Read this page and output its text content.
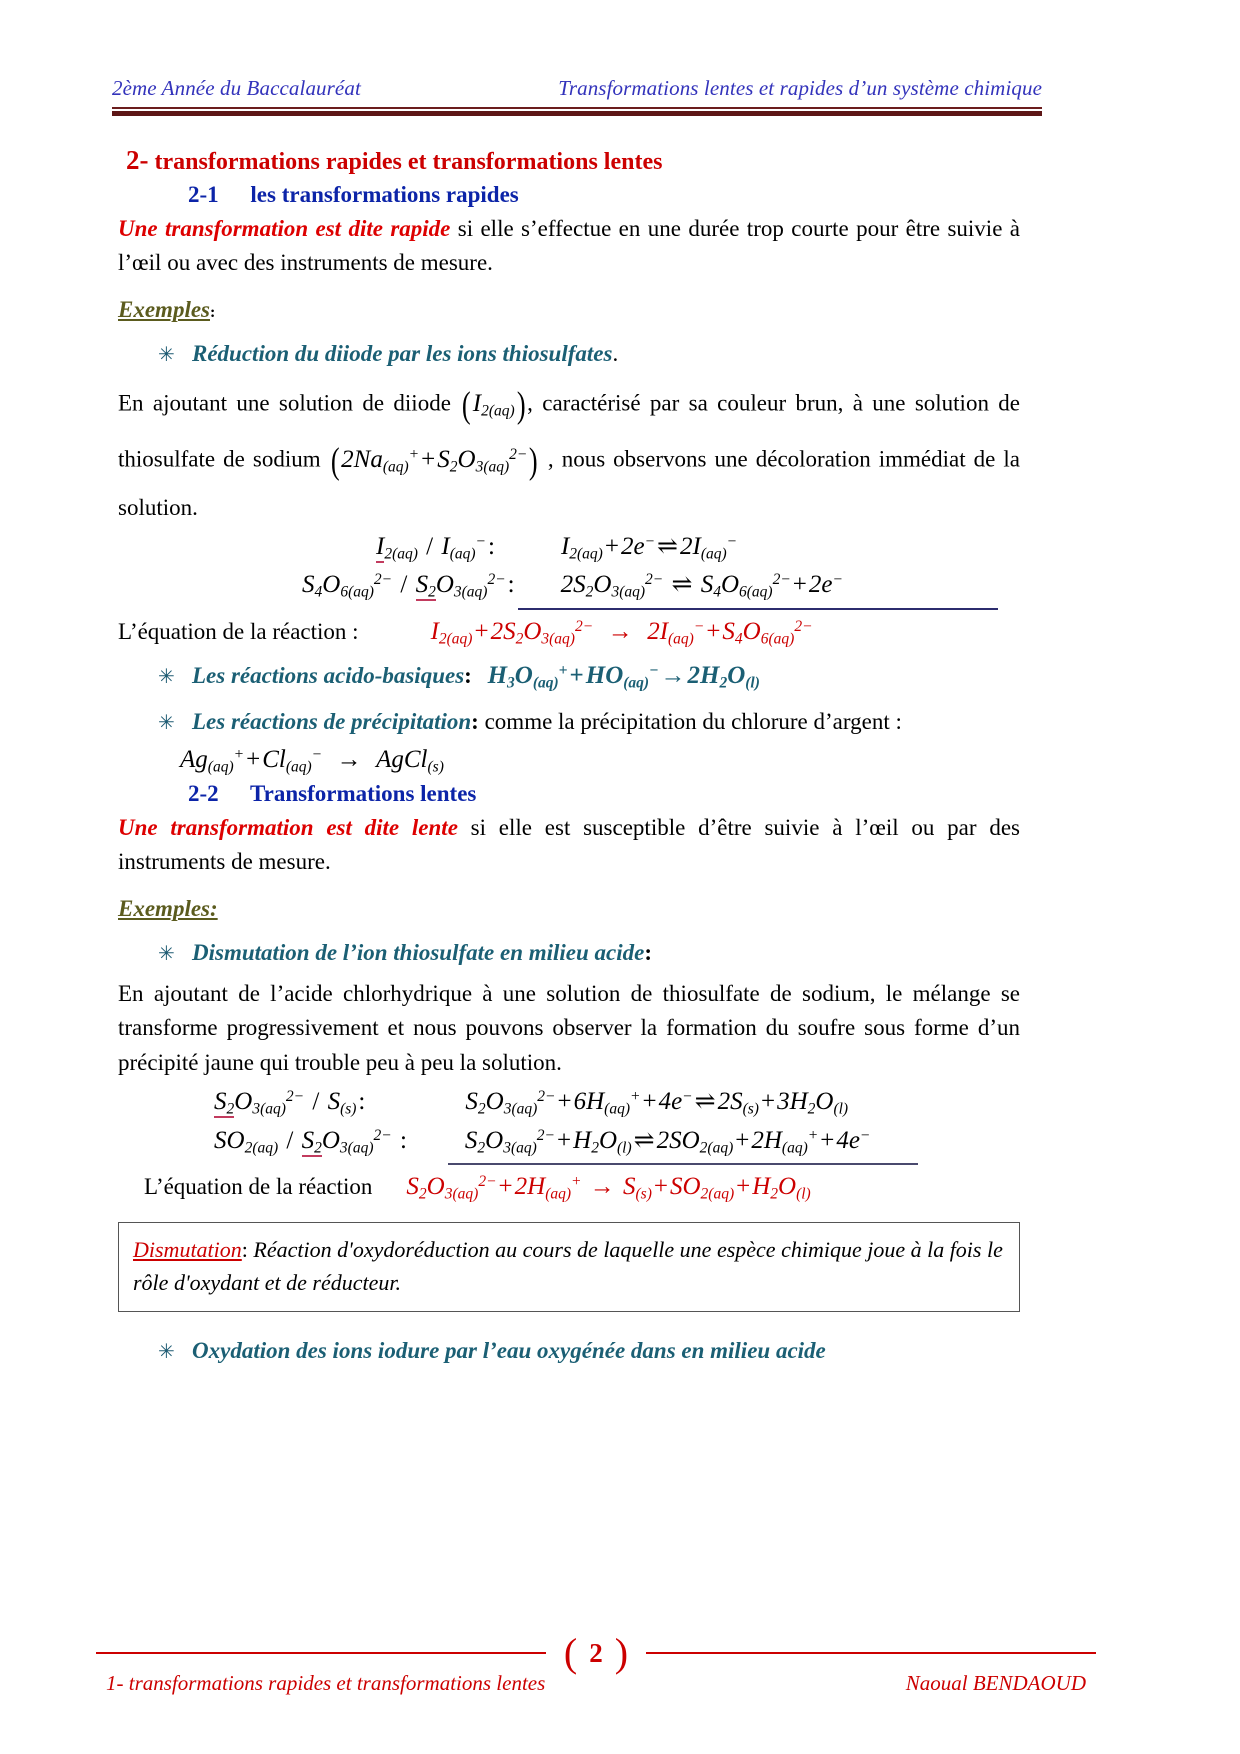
2ème Année du Baccalauréat	Transformations lentes et rapides d’un système chimique
2- transformations rapides et transformations lentes
2-1 les transformations rapides

Une transformation est dite rapide si elle s’effectue en une durée trop courte pour être suivie à l’œil ou avec des instruments de mesure.

Exemples:
✳ Réduction du diiode par les ions thiosulfates.

En ajoutant une solution de diiode $(I_{2(aq)})$, caractérisé par sa couleur brun, à une solution de thiosulfate de sodium $(2Na_{(aq)}^++S_2O_{3(aq)}^{2-})$ , nous observons une décoloration immédiat de la solution.

$I_{2(aq)} / I_{(aq)}^-$:	$I_{2(aq)}+2e^-\rightleftharpoons 2I_{(aq)}^-$
$S_4O_{6(aq)}^{2-} / S_2O_{3(aq)}^{2-}$:	$2S_2O_{3(aq)}^{2-}$ ⇌ $S_4O_{6(aq)}^{2-}+2e^-$
L’équation de la réaction :	$I_{2(aq)}+2S_2O_{3(aq)}^{2-} \to 2I_{(aq)}^-+S_4O_{6(aq)}^{2-}$
✳ Les réactions acido-basiques: $H_3O_{(aq)}^++HO_{(aq)}^-\to 2H_2O_{(l)}$
✳ Les réactions de précipitation: comme la précipitation du chlorure d’argent :
$Ag_{(aq)}^++Cl_{(aq)}^-$  →  AgCl$_{(s)}$
2-2 Transformations lentes

Une transformation est dite lente si elle est susceptible d’être suivie à l’œil ou par des instruments de mesure.

Exemples:
✳ Dismutation de l’ion thiosulfate en milieu acide:

En ajoutant de l’acide chlorhydrique à une solution de thiosulfate de sodium, le mélange se transforme progressivement et nous pouvons observer la formation du soufre sous forme d’un précipité jaune qui trouble peu à peu la solution.

$S_2O_{3(aq)}^{2-} / S_{(s)}$:	$S_2O_{3(aq)}^{2-}+6H_{(aq)}^++4e^-\rightleftharpoons 2S_{(s)}+3H_2O_{(l)}$
$SO_{2(aq)} / S_2O_{3(aq)}^{2-}$ :	$S_2O_{3(aq)}^{2-}+H_2O_{(l)}\rightleftharpoons 2SO_{2(aq)}+2H_{(aq)}^++4e^-$
L’équation de la réaction $S_2O_{3(aq)}^{2-}+2H_{(aq)}^+ \to S_{(s)}+SO_{2(aq)}+H_2O_{(l)}$
Dismutation: Réaction d'oxydoréduction au cours de laquelle une espèce chimique joue à la fois le rôle d'oxydant et de réducteur.
✳ Oxydation des ions iodure par l’eau oxygénée dans en milieu acide
( 2 )
1- transformations rapides et transformations lentes	Naoual BENDAOUD
